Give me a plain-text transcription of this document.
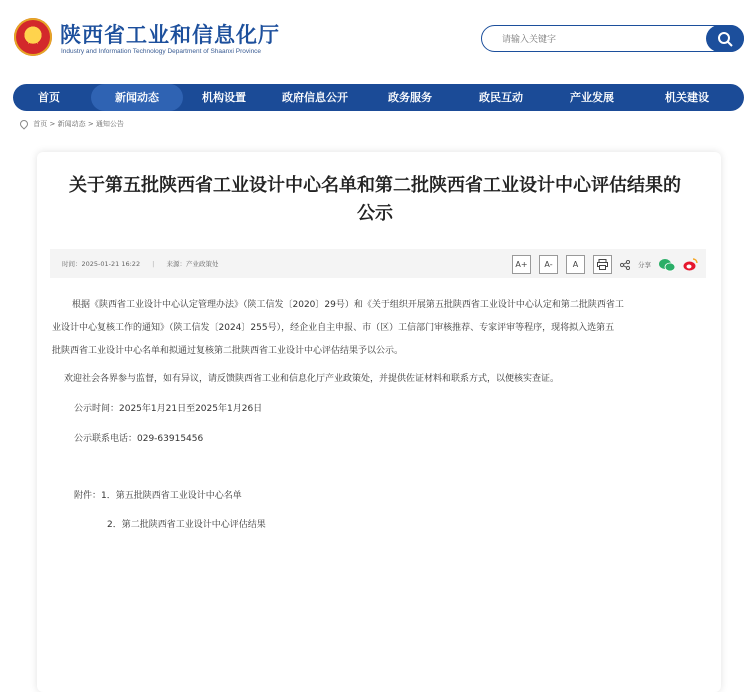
陕西省工业和信息化厅
Industry and Information Technology Department of Shaanxi Province
请输入关键字
首页	新闻动态	机构设置	政府信息公开	政务服务	政民互动	产业发展	机关建设
首页 > 新闻动态 > 通知公告
关于第五批陕西省工业设计中心名单和第二批陕西省工业设计中心评估结果的
公示
时间：2025-01-21 16:22 | 来源：产业政策处	A+	A-	A	分享
根据《陕西省工业设计中心认定管理办法》（陕工信发〔2020〕29号）和《关于组织开展第五批陕西省工业设计中心认定和第二批陕西省工
业设计中心复核工作的通知》（陕工信发〔2024〕255号），经企业自主申报、市（区）工信部门审核推荐、专家评审等程序，现将拟入选第五
批陕西省工业设计中心名单和拟通过复核第二批陕西省工业设计中心评估结果予以公示。
欢迎社会各界参与监督，如有异议，请反馈陕西省工业和信息化厅产业政策处，并提供佐证材料和联系方式，以便核实查证。
公示时间：2025年1月21日至2025年1月26日
公示联系电话：029-63915456
附件：1．第五批陕西省工业设计中心名单
2．第二批陕西省工业设计中心评估结果
